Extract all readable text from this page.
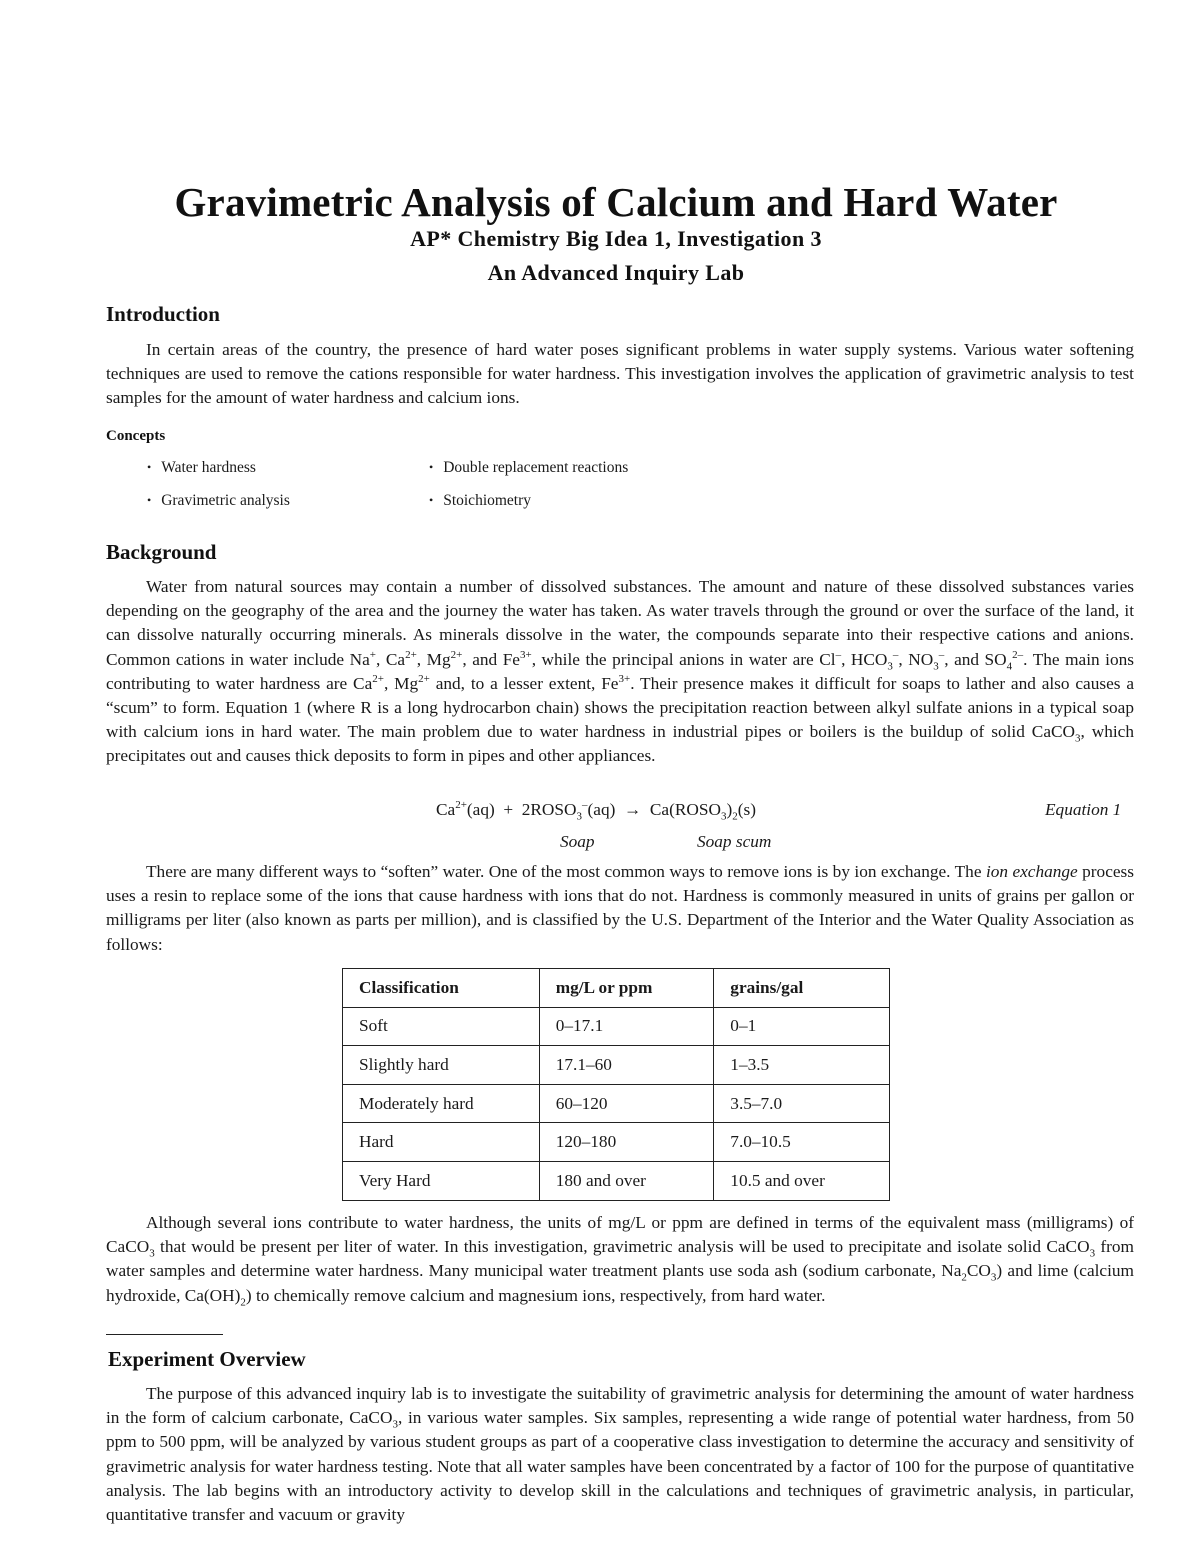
Gravimetric Analysis of Calcium and Hard Water
AP* Chemistry Big Idea 1, Investigation 3
An Advanced Inquiry Lab
Introduction

In certain areas of the country, the presence of hard water poses significant problems in water supply systems. Various water softening techniques are used to remove the cations responsible for water hardness. This investigation involves the application of gravimetric analysis to test samples for the amount of water hardness and calcium ions.

Concepts
• Water hardness	• Double replacement reactions
• Gravimetric analysis	• Stoichiometry
Background

Water from natural sources may contain a number of dissolved substances. The amount and nature of these dissolved substances varies depending on the geography of the area and the journey the water has taken. As water travels through the ground or over the surface of the land, it can dissolve naturally occurring minerals. As minerals dissolve in the water, the compounds separate into their respective cations and anions. Common cations in water include Na+, $Ca^{2+}$, $Mg^{2+}$, and $Fe^{3+}$, while the principal anions in water are Cl–, $HCO_3^-$, $NO_3^-$, and $SO_4^{2-}$. The main ions contributing to water hardness are $Ca^{2+}$, $Mg^{2+}$ and, to a lesser extent, $Fe^{3+}$. Their presence makes it difficult for soaps to lather and also causes a “scum” to form. Equation 1 (where R is a long hydrocarbon chain) shows the precipitation reaction between alkyl sulfate anions in a typical soap with calcium ions in hard water. The main problem due to water hardness in industrial pipes or boilers is the buildup of solid CaCO$_3$, which precipitates out and causes thick deposits to form in pipes and other appliances.

$Ca^{2+}(aq)$  +  $2ROSO_3^-(aq)$  →  $Ca(ROSO_3)_2(s)$	Equation 1
Soap	Soap scum

There are many different ways to “soften” water. One of the most common ways to remove ions is by ion exchange. The ion exchange process uses a resin to replace some of the ions that cause hardness with ions that do not. Hardness is commonly measured in units of grains per gallon or milligrams per liter (also known as parts per million), and is classified by the U.S. Department of the Interior and the Water Quality Association as follows:

Classification	mg/L or ppm	grains/gal
Soft	0–17.1	0–1
Slightly hard	17.1–60	1–3.5
Moderately hard	60–120	3.5–7.0
Hard	120–180	7.0–10.5
Very Hard	180 and over	10.5 and over

Although several ions contribute to water hardness, the units of mg/L or ppm are defined in terms of the equivalent mass (milligrams) of CaCO$_3$ that would be present per liter of water. In this investigation, gravimetric analysis will be used to precipitate and isolate solid CaCO$_3$ from water samples and determine water hardness. Many municipal water treatment plants use soda ash (sodium carbonate, $Na_2CO_3$) and lime (calcium hydroxide, $Ca(OH)_2$) to chemically remove calcium and magnesium ions, respectively, from hard water.

Experiment Overview

The purpose of this advanced inquiry lab is to investigate the suitability of gravimetric analysis for determining the amount of water hardness in the form of calcium carbonate, CaCO$_3$, in various water samples. Six samples, representing a wide range of potential water hardness, from 50 ppm to 500 ppm, will be analyzed by various student groups as part of a cooperative class investigation to determine the accuracy and sensitivity of gravimetric analysis for water hardness testing. Note that all water samples have been concentrated by a factor of 100 for the purpose of quantitative analysis. The lab begins with an introductory activity to develop skill in the calculations and techniques of gravimetric analysis, in particular, quantitative transfer and vacuum or gravity
